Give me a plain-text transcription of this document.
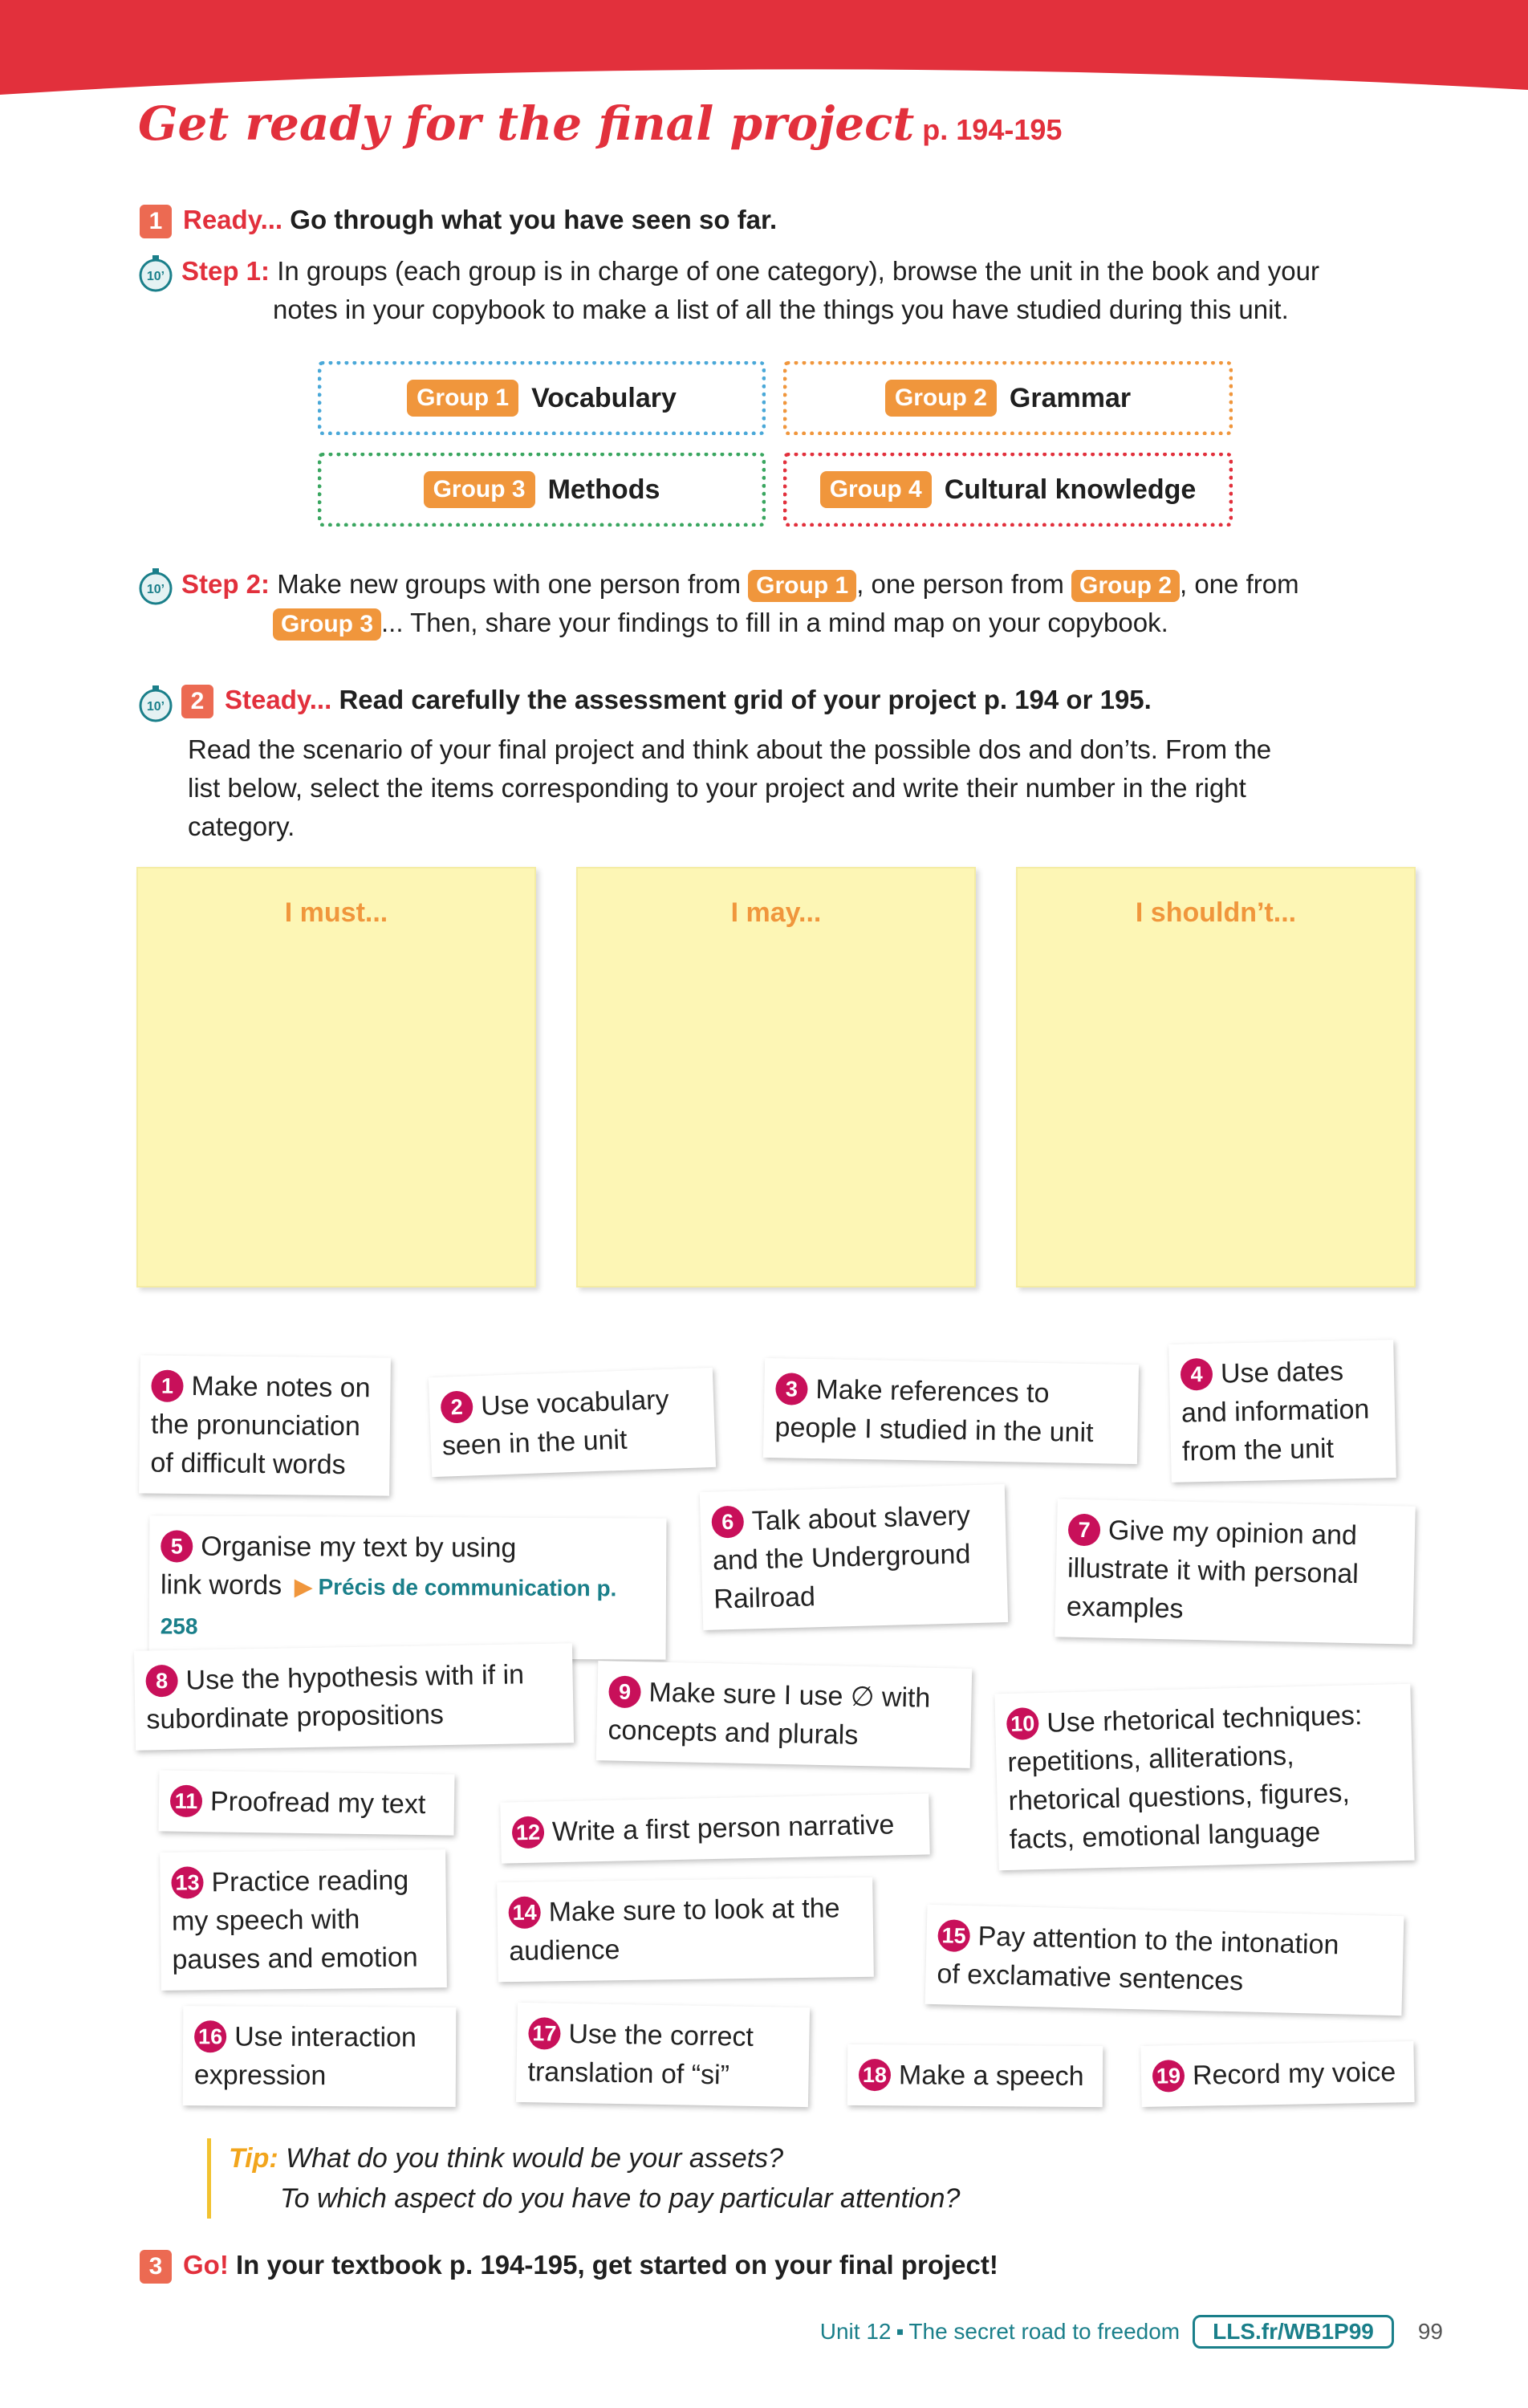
Get ready for the final project p. 194-195
1 Ready... Go through what you have seen so far.
10’ Step 1: In groups (each group is in charge of one category), browse the unit in the book and your
notes in your copybook to make a list of all the things you have studied during this unit.
Group 1 Vocabulary	Group 2 Grammar
Group 3 Methods	Group 4 Cultural knowledge
10’ Step 2: Make new groups with one person from Group 1 , one person from Group 2 , one from
Group 3 ... Then, share your findings to fill in a mind map on your copybook.
10’	2 Steady... Read carefully the assessment grid of your project p. 194 or 195.
Read the scenario of your final project and think about the possible dos and don’ts. From the
list below, select the items corresponding to your project and write their number in the right
category.
I must...	I may...	I shouldn’t...
1 Make notes on
the pronunciation
of difficult words
2 Use vocabulary
seen in the unit
3 Make references to
people I studied in the unit
4 Use dates
and information
from the unit
5 Organise my text by using
link words ▶ Précis de communication p. 258
6 Talk about slavery
and the Underground
Railroad
7 Give my opinion and
illustrate it with personal
examples
8 Use the hypothesis with if in
subordinate propositions
9 Make sure I use ∅ with
concepts and plurals	10 Use rhetorical techniques:
repetitions, alliterations,
rhetorical questions, figures,
facts, emotional language
11 Proofread my text
12 Write a first person narrative
13 Practice reading
my speech with
pauses and emotion
14 Make sure to look at the
audience	15 Pay attention to the intonation
of exclamative sentences
16 Use interaction
expression
17 Use the correct
translation of “si”	18 Make a speech	19 Record my voice
Tip: What do you think would be your assets?
To which aspect do you have to pay particular attention?
3 Go! In your textbook p. 194-195, get started on your final project!
Unit 12 ▪ The secret road to freedom	LLS.fr/WB1P99	99
